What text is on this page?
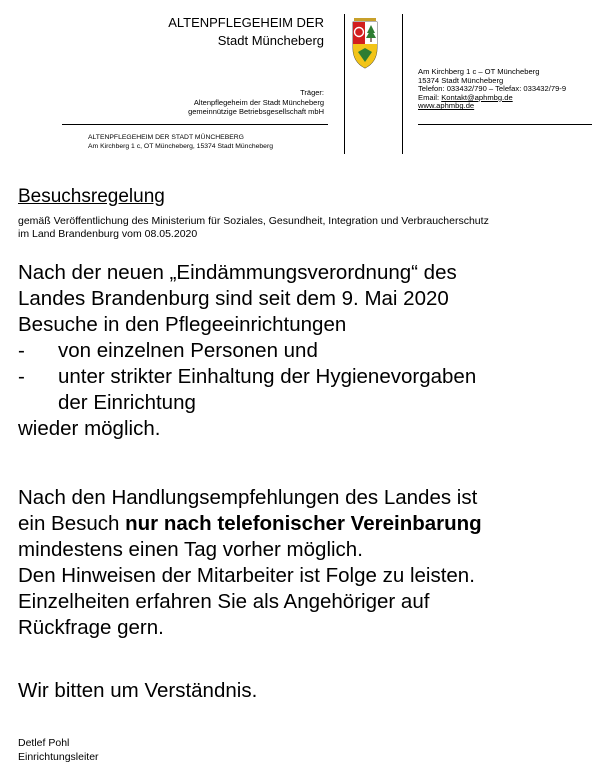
ALTENPFLEGEHEIM DER
Stadt Müncheberg
Träger:
Altenpflegeheim der Stadt Müncheberg
gemeinnützige Betriebsgesellschaft mbH
ALTENPFLEGEHEIM DER STADT MÜNCHEBERG
Am Kirchberg 1 c, OT Müncheberg, 15374 Stadt Müncheberg
Am Kirchberg 1 c – OT Müncheberg
15374 Stadt Müncheberg
Telefon: 033432/790 – Telefax: 033432/79-9
Email: Kontakt@aphmbg.de
www.aphmbg.de
Besuchsregelung
gemäß Veröffentlichung des Ministerium für Soziales, Gesundheit, Integration und Verbraucherschutz
im Land Brandenburg vom 08.05.2020
Nach der neuen „Eindämmungsverordnung“ des
Landes Brandenburg sind seit dem 9. Mai 2020
Besuche in den Pflegeeinrichtungen
- von einzelnen Personen und
- unter strikter Einhaltung der Hygienevorgaben
der Einrichtung
wieder möglich.
Nach den Handlungsempfehlungen des Landes ist
ein Besuch nur nach telefonischer Vereinbarung
mindestens einen Tag vorher möglich.
Den Hinweisen der Mitarbeiter ist Folge zu leisten.
Einzelheiten erfahren Sie als Angehöriger auf
Rückfrage gern.
Wir bitten um Verständnis.
Detlef Pohl
Einrichtungsleiter
